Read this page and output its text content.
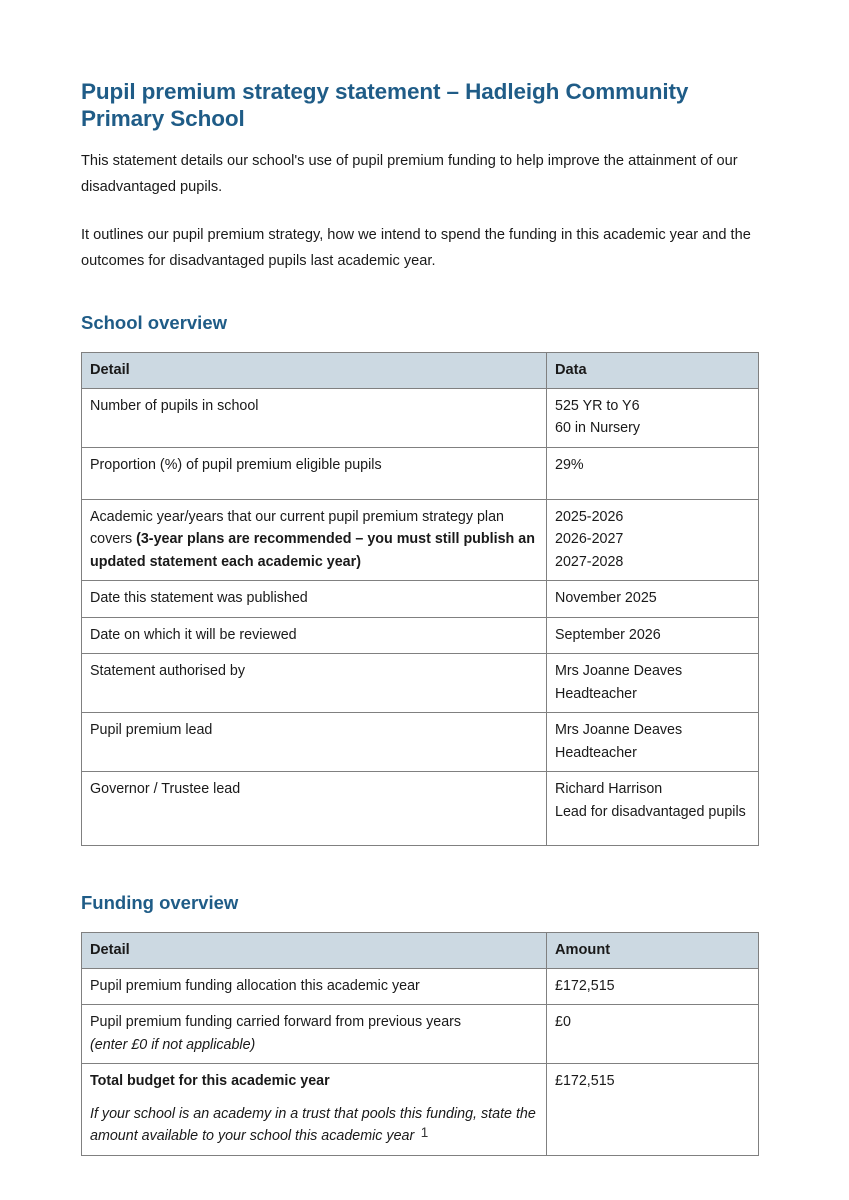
Pupil premium strategy statement – Hadleigh Community Primary School

This statement details our school's use of pupil premium funding to help improve the attainment of our disadvantaged pupils.

It outlines our pupil premium strategy, how we intend to spend the funding in this academic year and the outcomes for disadvantaged pupils last academic year.

School overview
Detail	Data
Number of pupils in school	525 YR to Y6
60 in Nursery

Proportion (%) of pupil premium eligible pupils	29%

Academic year/years that our current pupil premium strategy plan covers (3-year plans are recommended – you must still publish an updated statement each academic year)	2025-2026
2026-2027
2027-2028

Date this statement was published	November 2025

Date on which it will be reviewed	September 2026

Statement authorised by	Mrs Joanne Deaves
Headteacher

Pupil premium lead	Mrs Joanne Deaves
Headteacher

Governor / Trustee lead	Richard Harrison
Lead for disadvantaged pupils
Funding overview
Detail	Amount
Pupil premium funding allocation this academic year	£172,515

Pupil premium funding carried forward from previous years
(enter £0 if not applicable)	£0

Total budget for this academic year
If your school is an academy in a trust that pools this funding, state the amount available to your school this academic year	£172,515
1
